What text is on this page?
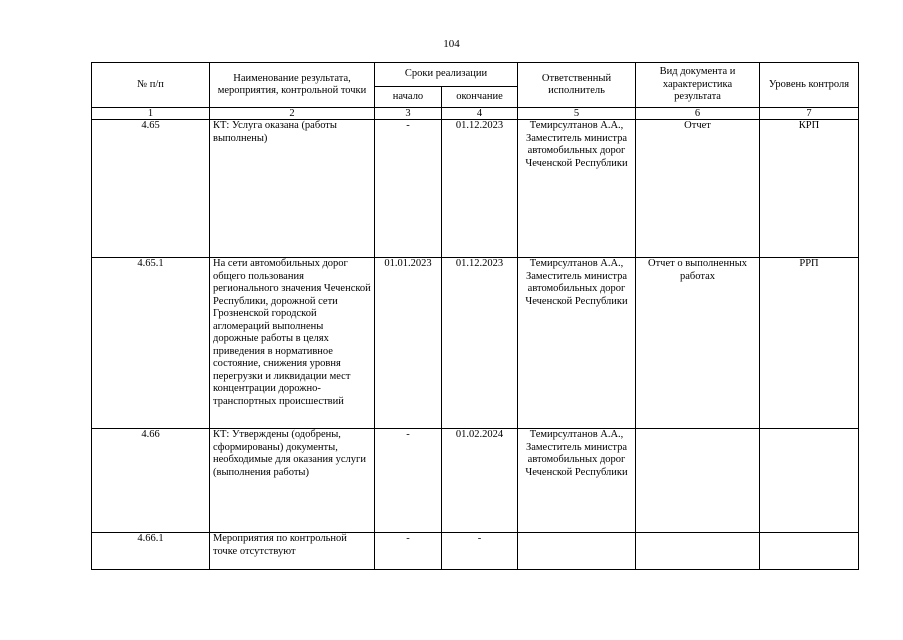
104
№ п/п	Наименование результата, мероприятия, контрольной точки	Сроки реализации		Ответственный исполнитель	Вид документа и характеристика результата	Уровень контроля
		начало	окончание			
1	2	3	4	5	6	7
4.65	КТ: Услуга оказана (работы выполнены)	-	01.12.2023	Темирсултанов А.А., Заместитель министра автомобильных дорог Чеченской Республики	Отчет	КРП
4.65.1	На сети автомобильных дорог общего пользования регионального значения Чеченской Республики, дорожной сети Грозненской городской агломераций выполнены дорожные работы в целях приведения в нормативное состояние, снижения уровня перегрузки и ликвидации мест концентрации дорожно-транспортных происшествий	01.01.2023	01.12.2023	Темирсултанов А.А., Заместитель министра автомобильных дорог Чеченской Республики	Отчет о выполненных работах	РРП
4.66	КТ: Утверждены (одобрены, сформированы) документы, необходимые для оказания услуги (выполнения работы)	-	01.02.2024	Темирсултанов А.А., Заместитель министра автомобильных дорог Чеченской Республики		
4.66.1	Мероприятия по контрольной точке отсутствуют	-	-			
